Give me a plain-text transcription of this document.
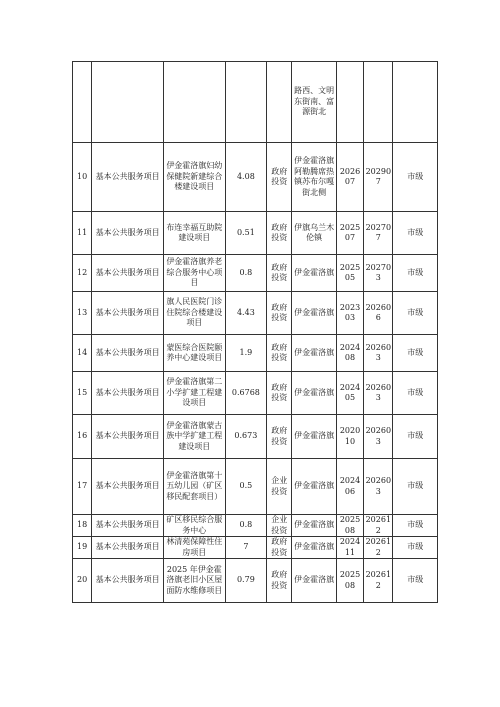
					路西、文明东街南、富源街北			

10	基本公共服务项目	伊金霍洛旗妇幼保健院新建综合楼建设项目	4.08	政府投资	伊金霍洛旗阿勒腾席热镇苏布尔嘎街北侧	202607	202907	市级

11	基本公共服务项目	布连幸福互助院建设项目	0.51	政府投资	伊旗乌兰木伦镇	202507	202707	市级

12	基本公共服务项目	伊金霍洛旗养老综合服务中心项目	0.8	政府投资	伊金霍洛旗	202505	202703	市级

13	基本公共服务项目	旗人民医院门诊住院综合楼建设项目	4.43	政府投资	伊金霍洛旗	202303	202606	市级

14	基本公共服务项目	蒙医综合医院颐养中心建设项目	1.9	政府投资	伊金霍洛旗	202408	202603	市级

15	基本公共服务项目	伊金霍洛旗第二小学扩建工程建设项目	0.6768	政府投资	伊金霍洛旗	202405	202603	市级

16	基本公共服务项目	伊金霍洛旗蒙古族中学扩建工程建设项目	0.673	政府投资	伊金霍洛旗	202010	202603	市级

17	基本公共服务项目	伊金霍洛旗第十五幼儿园（矿区移民配套项目）	0.5	企业投资	伊金霍洛旗	202406	202603	市级

18	基本公共服务项目	矿区移民综合服务中心	0.8	企业投资	伊金霍洛旗	202508	202612	市级

19	基本公共服务项目	林清苑保障性住房项目	7	政府投资	伊金霍洛旗	202411	202612	市级

20	基本公共服务项目	2025 年伊金霍洛旗老旧小区屋面防水维修项目	0.79	政府投资	伊金霍洛旗	202508	202612	市级
